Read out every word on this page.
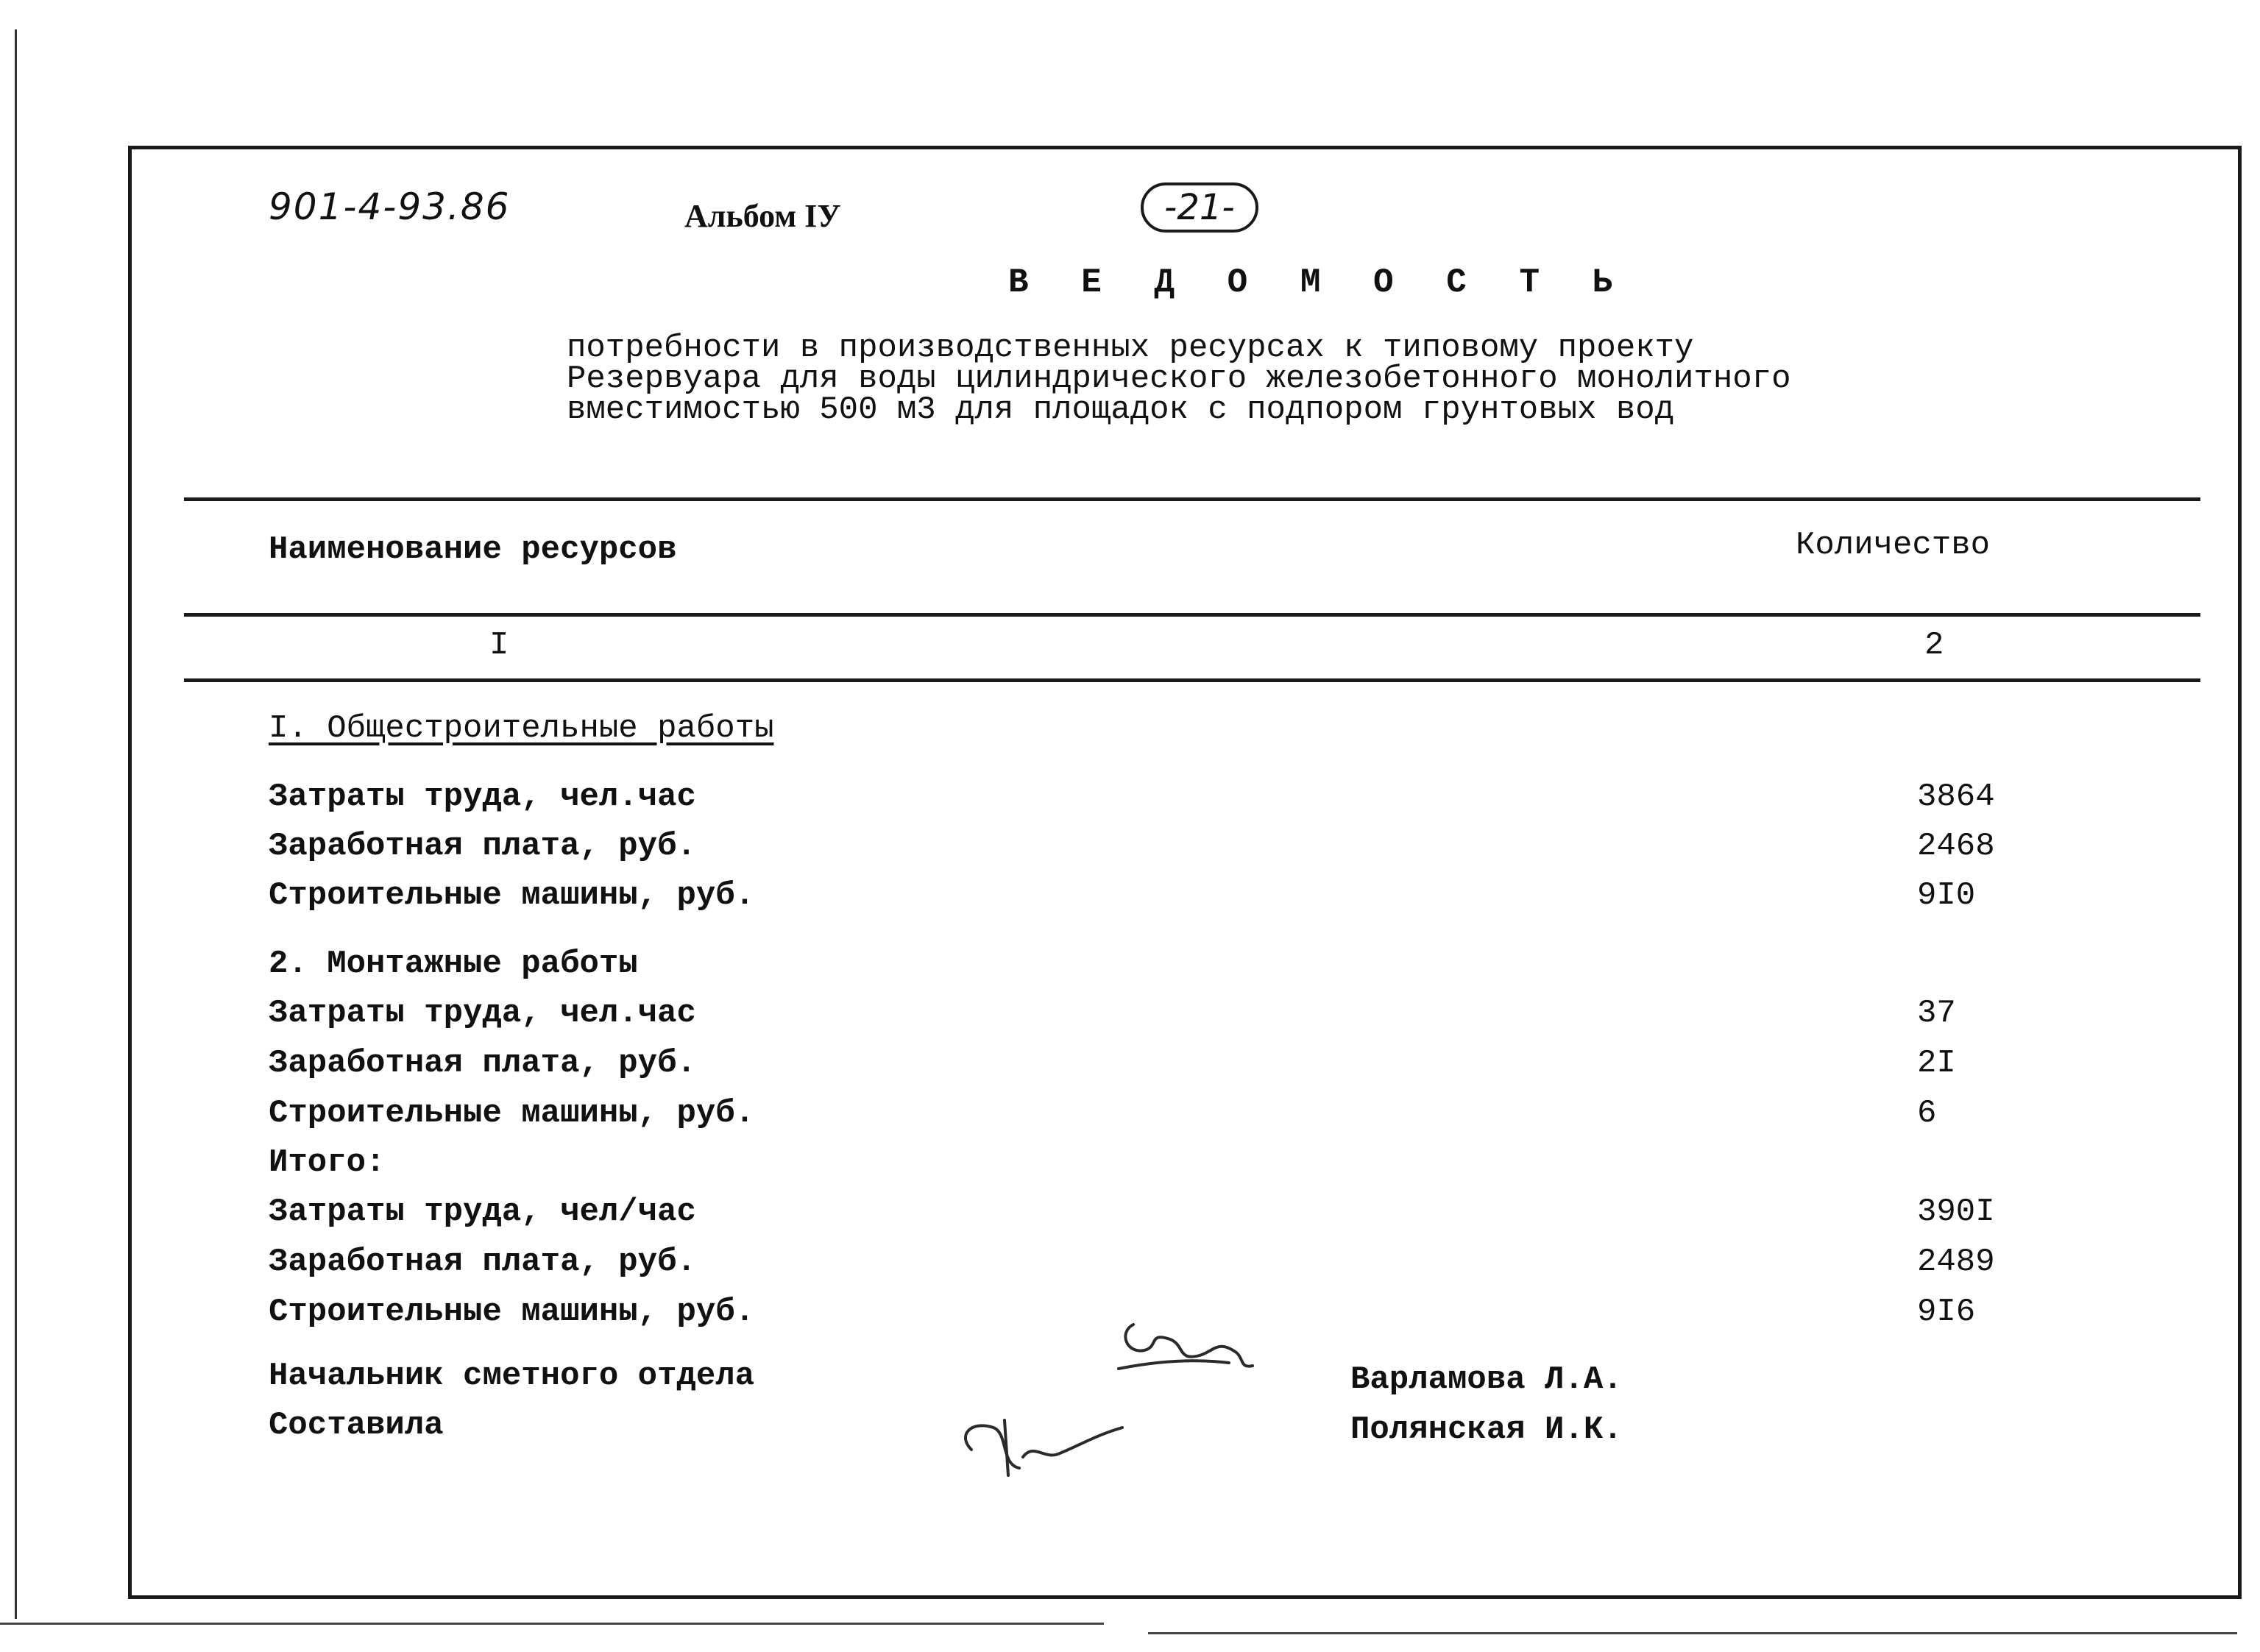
901-4-93.86	Альбом IУ	-21-
В Е Д О М О С Т Ь
потребности в производственных ресурсах к типовому проекту
Резервуара для воды цилиндрического железобетонного монолитного
вместимостью 500 м3 для площадок с подпором грунтовых вод
Наименование ресурсов	Количество
I	2
I. Общестроительные работы
Затраты труда, чел.час	3864
Заработная плата, руб.	2468
Строительные машины, руб.	9I0
2. Монтажные работы
Затраты труда, чел.час	37
Заработная плата, руб.	2I
Строительные машины, руб.	6
Итого:
Затраты труда, чел/час	390I
Заработная плата, руб.	2489
Строительные машины, руб.	9I6
Начальник сметного отдела	Варламова Л.А.
Составила	Полянская И.К.
